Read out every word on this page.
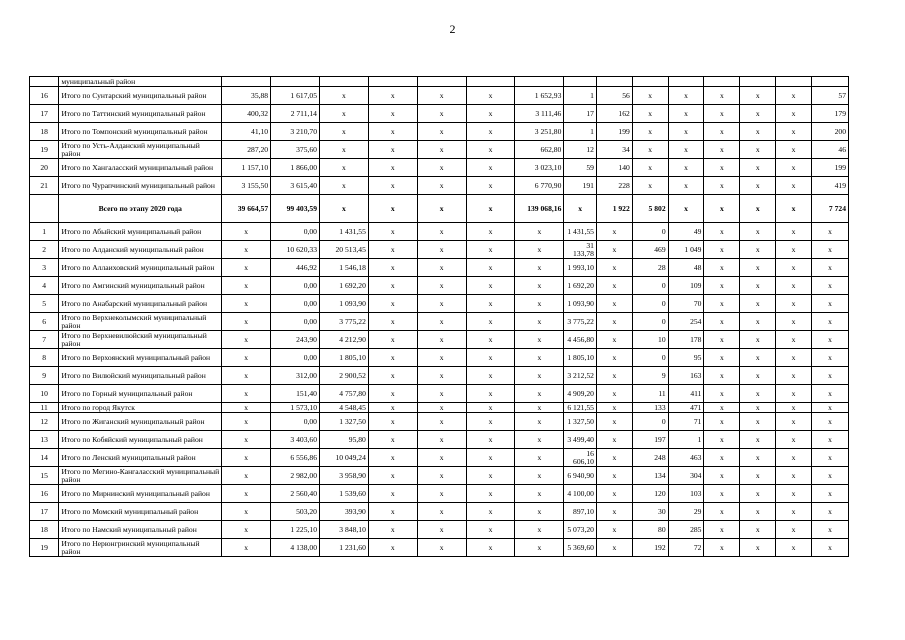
2
	муниципальный район															
16	Итого по Сунтарский муниципальный район	35,88	1 617,05	х	х	х	х	1 652,93	1	56	х	х	х	х	х	57
17	Итого по Таттинский муниципальный район	400,32	2 711,14	х	х	х	х	3 111,46	17	162	х	х	х	х	х	179
18	Итого по Томпонский муниципальный район	41,10	3 210,70	х	х	х	х	3 251,80	1	199	х	х	х	х	х	200
19	Итого по Усть-Алданский муниципальный район	287,20	375,60	х	х	х	х	662,80	12	34	х	х	х	х	х	46
20	Итого по Хангаласский муниципальный район	1 157,10	1 866,00	х	х	х	х	3 023,10	59	140	х	х	х	х	х	199
21	Итого по Чурапчинский муниципальный район	3 155,50	3 615,40	х	х	х	х	6 770,90	191	228	х	х	х	х	х	419
	Всего по этапу 2020 года	39 664,57	99 403,59	х	х	х	х	139 068,16	х	1 922	5 802	х	х	х	х	7 724
1	Итого по Абыйский муниципальный район	х	0,00	1 431,55	х	х	х	х	1 431,55	х	0	49	х	х	х	х
2	Итого по Алданский муниципальный район	х	10 620,33	20 513,45	х	х	х	х	31 133,78	х	469	1 049	х	х	х	х
3	Итого по Аллаиховский муниципальный район	х	446,92	1 546,18	х	х	х	х	1 993,10	х	28	48	х	х	х	х
4	Итого по Амгинский муниципальный район	х	0,00	1 692,20	х	х	х	х	1 692,20	х	0	109	х	х	х	х
5	Итого по Анабарский муниципальный район	х	0,00	1 093,90	х	х	х	х	1 093,90	х	0	70	х	х	х	х
6	Итого по Верхнеколымский муниципальный район	х	0,00	3 775,22	х	х	х	х	3 775,22	х	0	254	х	х	х	х
7	Итого по Верхневилюйский муниципальный район	х	243,90	4 212,90	х	х	х	х	4 456,80	х	10	178	х	х	х	х
8	Итого по Верхоянский муниципальный район	х	0,00	1 805,10	х	х	х	х	1 805,10	х	0	95	х	х	х	х
9	Итого по Вилюйский муниципальный район	х	312,00	2 900,52	х	х	х	х	3 212,52	х	9	163	х	х	х	х
10	Итого по Горный муниципальный район	х	151,40	4 757,80	х	х	х	х	4 909,20	х	11	411	х	х	х	х
11	Итого по город Якутск	х	1 573,10	4 548,45	х	х	х	х	6 121,55	х	133	471	х	х	х	х
12	Итого по Жиганский муниципальный район	х	0,00	1 327,50	х	х	х	х	1 327,50	х	0	71	х	х	х	х
13	Итого по Кобяйский муниципальный район	х	3 403,60	95,80	х	х	х	х	3 499,40	х	197	1	х	х	х	х
14	Итого по Ленский муниципальный район	х	6 556,86	10 049,24	х	х	х	х	16 606,10	х	248	463	х	х	х	х
15	Итого по Мегино-Кангаласский муниципальный район	х	2 982,00	3 958,90	х	х	х	х	6 940,90	х	134	304	х	х	х	х
16	Итого по Мирнинский муниципальный район	х	2 560,40	1 539,60	х	х	х	х	4 100,00	х	120	103	х	х	х	х
17	Итого по Момский муниципальный район	х	503,20	393,90	х	х	х	х	897,10	х	30	29	х	х	х	х
18	Итого по Намский муниципальный район	х	1 225,10	3 848,10	х	х	х	х	5 073,20	х	80	285	х	х	х	х
19	Итого по Нерюнгринский муниципальный район	х	4 138,00	1 231,60	х	х	х	х	5 369,60	х	192	72	х	х	х	х
